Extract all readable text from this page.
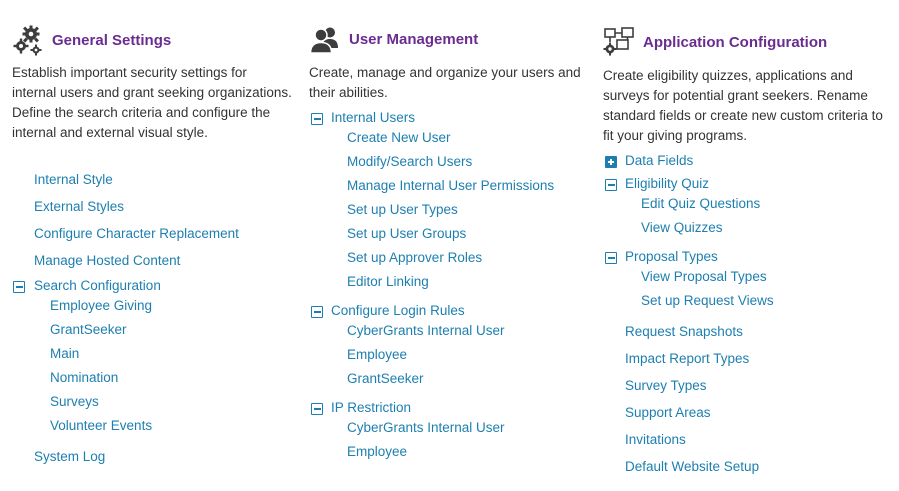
General Settings

Establish important security settings for internal users and grant seeking organizations. Define the search criteria and configure the internal and external visual style.

Internal Style
External Styles
Configure Character Replacement
Manage Hosted Content
Search Configuration
Employee Giving
GrantSeeker
Main
Nomination
Surveys
Volunteer Events
System Log
User Management

Create, manage and organize your users and their abilities.

Internal Users
Create New User
Modify/Search Users
Manage Internal User Permissions
Set up User Types
Set up User Groups
Set up Approver Roles
Editor Linking
Configure Login Rules
CyberGrants Internal User
Employee
GrantSeeker
IP Restriction
CyberGrants Internal User
Employee
Application Configuration

Create eligibility quizzes, applications and surveys for potential grant seekers. Rename standard fields or create new custom criteria to fit your giving programs.

Data Fields
Eligibility Quiz
Edit Quiz Questions
View Quizzes
Proposal Types
View Proposal Types
Set up Request Views
Request Snapshots
Impact Report Types
Survey Types
Support Areas
Invitations
Default Website Setup
